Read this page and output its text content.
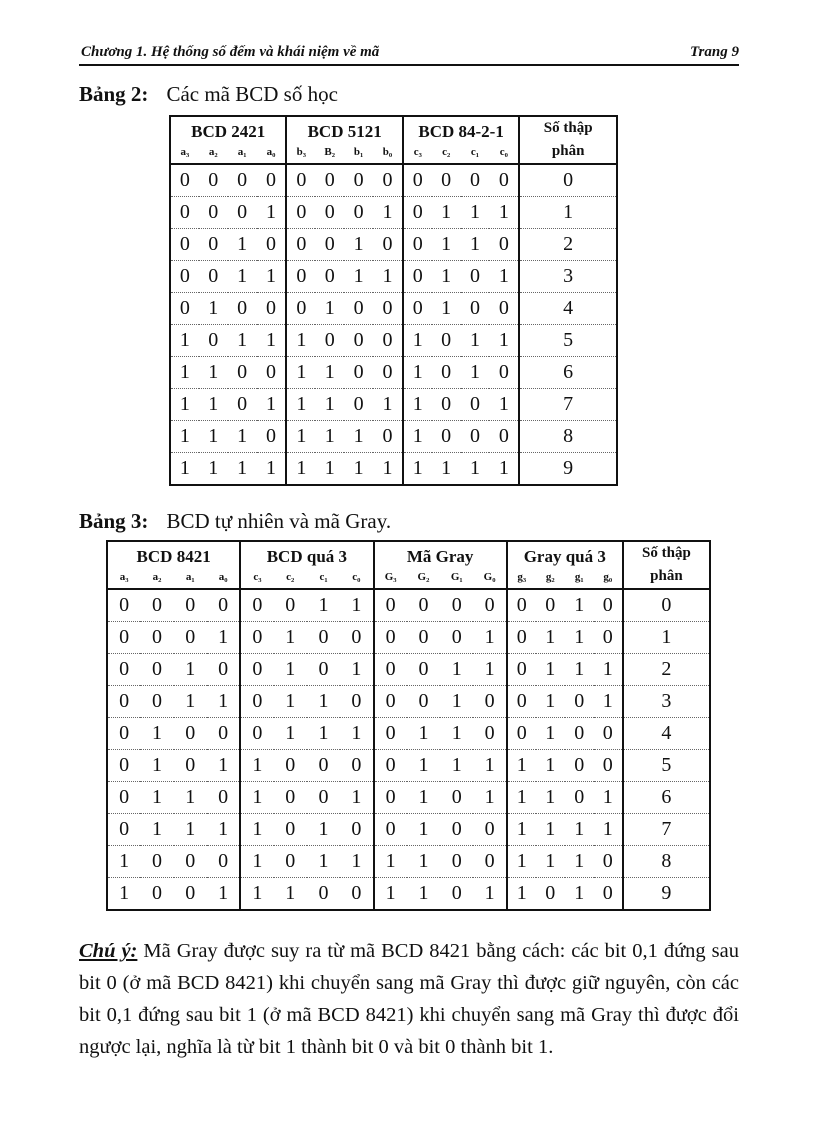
Chương 1. Hệ thống số đếm và khái niệm về mã	Trang 9
Bảng 2: Các mã BCD số học
BCD 2421				BCD 5121				BCD 84-2-1				Số thập
phân
a₃	a₂	a₁	a₀	b₃	B₂	b₁	b₀	c₃	c₂	c₁	c₀	
0	0	0	0	0	0	0	0	0	0	0	0	0
0	0	0	1	0	0	0	1	0	1	1	1	1
0	0	1	0	0	0	1	0	0	1	1	0	2
0	0	1	1	0	0	1	1	0	1	0	1	3
0	1	0	0	0	1	0	0	0	1	0	0	4
1	0	1	1	1	0	0	0	1	0	1	1	5
1	1	0	0	1	1	0	0	1	0	1	0	6
1	1	0	1	1	1	0	1	1	0	0	1	7
1	1	1	0	1	1	1	0	1	0	0	0	8
1	1	1	1	1	1	1	1	1	1	1	1	9
Bảng 3: BCD tự nhiên và mã Gray.
BCD 8421				BCD quá 3				Mã Gray				Gray quá 3				Số thập
phân
a₃	a₂	a₁	a₀	c₃	c₂	c₁	c₀	G₃	G₂	G₁	G₀	g₃	g₂	g₁	g₀	
0	0	0	0	0	0	1	1	0	0	0	0	0	0	1	0	0
0	0	0	1	0	1	0	0	0	0	0	1	0	1	1	0	1
0	0	1	0	0	1	0	1	0	0	1	1	0	1	1	1	2
0	0	1	1	0	1	1	0	0	0	1	0	0	1	0	1	3
0	1	0	0	0	1	1	1	0	1	1	0	0	1	0	0	4
0	1	0	1	1	0	0	0	0	1	1	1	1	1	0	0	5
0	1	1	0	1	0	0	1	0	1	0	1	1	1	0	1	6
0	1	1	1	1	0	1	0	0	1	0	0	1	1	1	1	7
1	0	0	0	1	0	1	1	1	1	0	0	1	1	1	0	8
1	0	0	1	1	1	0	0	1	1	0	1	1	0	1	0	9
Chú ý: Mã Gray được suy ra từ mã BCD 8421 bằng cách: các bit 0,1 đứng sau bit 0 (ở mã BCD 8421) khi chuyển sang mã Gray thì được giữ nguyên, còn các bit 0,1 đứng sau bit 1 (ở mã BCD 8421) khi chuyển sang mã Gray thì được đổi ngược lại, nghĩa là từ bit 1 thành bit 0 và bit 0 thành bit 1.
